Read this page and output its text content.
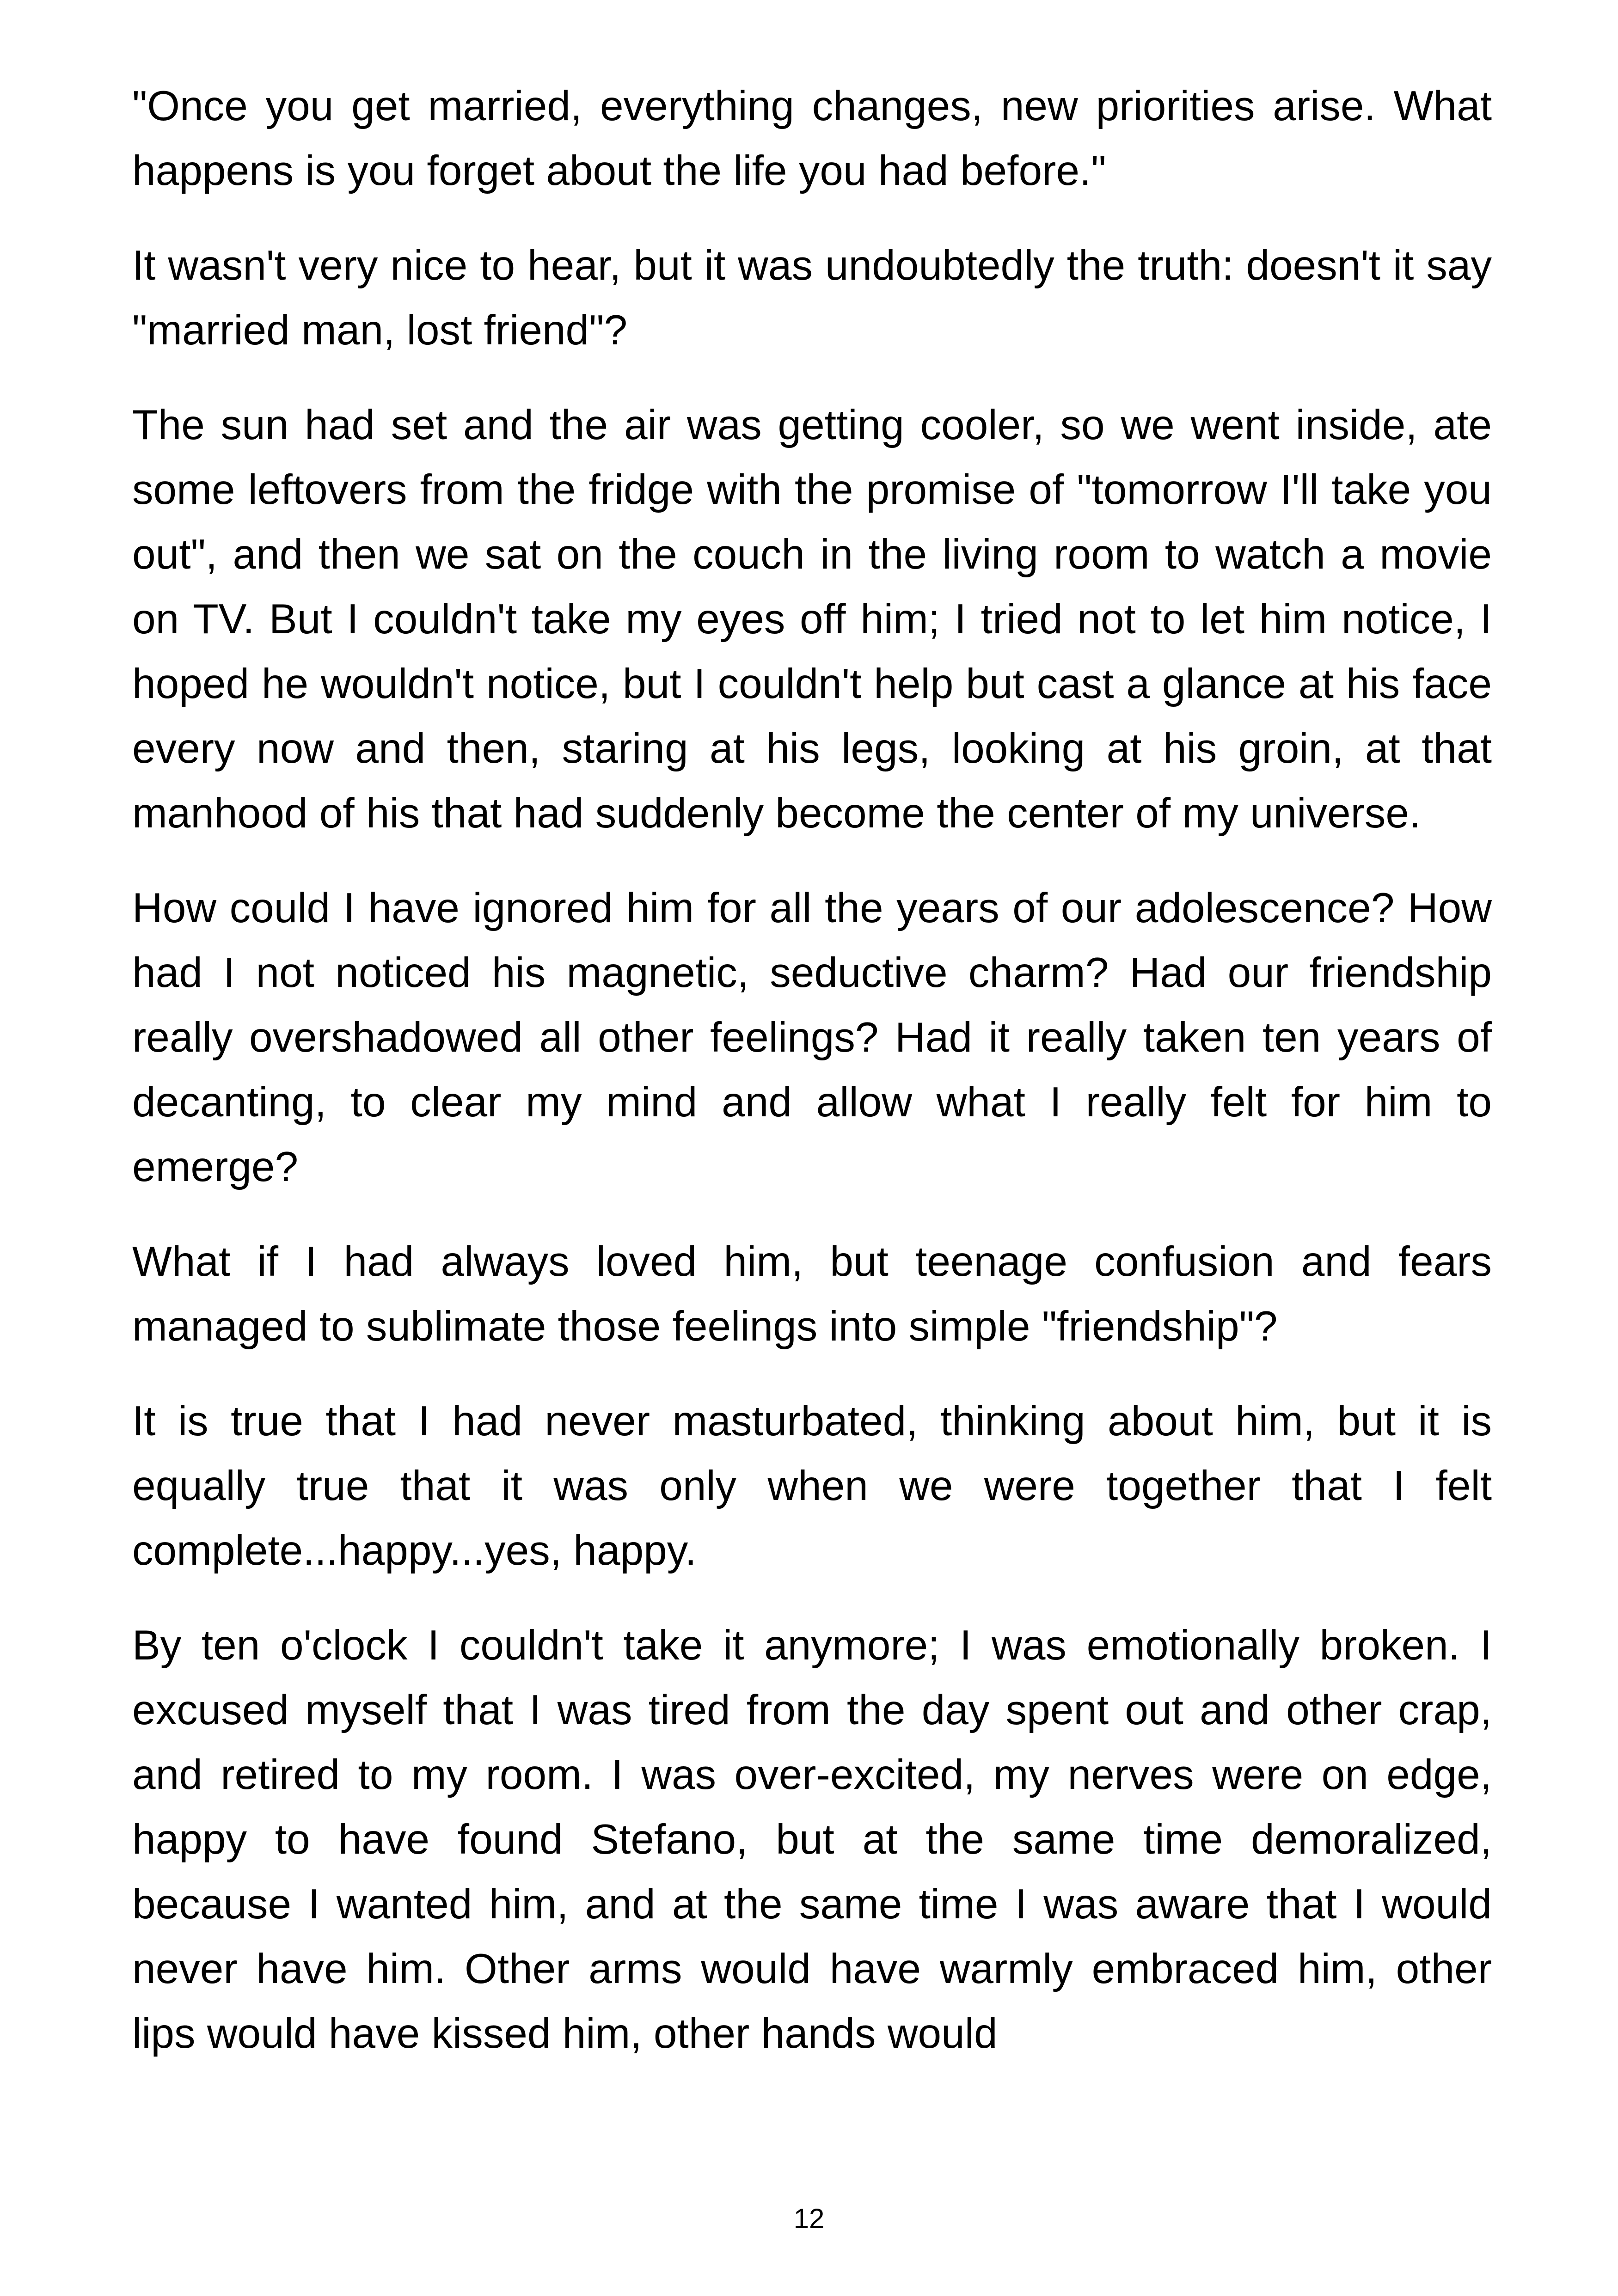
"Once you get married, everything changes, new priorities arise. What happens is you forget about the life you had before."

It wasn't very nice to hear, but it was undoubtedly the truth: doesn't it say "married man, lost friend"?

The sun had set and the air was getting cooler, so we went inside, ate some leftovers from the fridge with the promise of "tomorrow I'll take you out", and then we sat on the couch in the living room to watch a movie on TV. But I couldn't take my eyes off him; I tried not to let him notice, I hoped he wouldn't notice, but I couldn't help but cast a glance at his face every now and then, staring at his legs, looking at his groin, at that manhood of his that had suddenly become the center of my universe.

How could I have ignored him for all the years of our adolescence? How had I not noticed his magnetic, seductive charm? Had our friendship really overshadowed all other feelings? Had it really taken ten years of decanting, to clear my mind and allow what I really felt for him to emerge?

What if I had always loved him, but teenage confusion and fears managed to sublimate those feelings into simple "friendship"?

It is true that I had never masturbated, thinking about him, but it is equally true that it was only when we were together that I felt complete...happy...yes, happy.

By ten o'clock I couldn't take it anymore; I was emotionally broken. I excused myself that I was tired from the day spent out and other crap, and retired to my room. I was over-excited, my nerves were on edge, happy to have found Stefano, but at the same time demoralized, because I wanted him, and at the same time I was aware that I would never have him. Other arms would have warmly embraced him, other lips would have kissed him, other hands would

12
